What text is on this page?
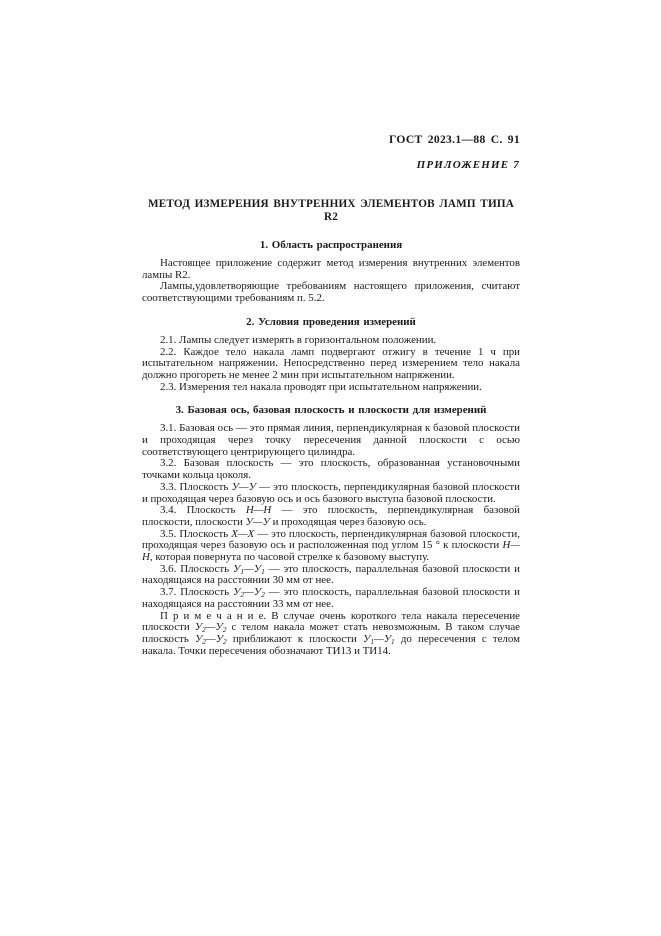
ГОСТ 2023.1—88 С. 91
ПРИЛОЖЕНИЕ 7
МЕТОД ИЗМЕРЕНИЯ ВНУТРЕННИХ ЭЛЕМЕНТОВ ЛАМП ТИПА R2
1. Область распространения

Настоящее приложение содержит метод измерения внутренних элементов лампы R2.

Лампы,удовлетворяющие требованиям настоящего приложения, считают соответствующими требованиям п. 5.2.

2. Условия проведения измерений

2.1. Лампы следует измерять в горизонтальном положении.

2.2. Каждое тело накала ламп подвергают отжигу в течение 1 ч при испытательном напряжении. Непосредственно перед измерением тело накала должно прогореть не менее 2 мин при испытательном напряжении.

2.3. Измерения тел накала проводят при испытательном напряжении.

3. Базовая ось, базовая плоскость и плоскости для измерений

3.1. Базовая ось — это прямая линия, перпендикулярная к базовой плоскости и проходящая через точку пересечения данной плоскости с осью соответствующего центрирующего цилиндра.

3.2. Базовая плоскость — это плоскость, образованная установочными точками кольца цоколя.

3.3. Плоскость У—У — это плоскость, перпендикулярная базовой плоскости и проходящая через базовую ось и ось базового выступа базовой плоскости.

3.4. Плоскость Н—Н — это плоскость, перпендикулярная базовой плоскости, плоскости У—У и проходящая через базовую ось.

3.5. Плоскость Х—Х — это плоскость, перпендикулярная базовой плоскости, проходящая через базовую ось и расположенная под углом 15 ° к плоскости Н—Н, которая повернута по часовой стрелке к базовому выступу.

3.6. Плоскость $У_1—У_1$ — это плоскость, параллельная базовой плоскости и находящаяся на расстоянии 30 мм от нее.

3.7. Плоскость $У_2—У_2$ — это плоскость, параллельная базовой плоскости и находящаяся на расстоянии 33 мм от нее.

П р и м е ч а н и е. В случае очень короткого тела накала пересечение плоскости $У_2—У_2$ с телом накала может стать невозможным. В таком случае плоскость $У_2—У_2$ приближают к плоскости $У_1—У_1$ до пересечения с телом накала. Точки пересечения обозначают ТИ13 и ТИ14.
